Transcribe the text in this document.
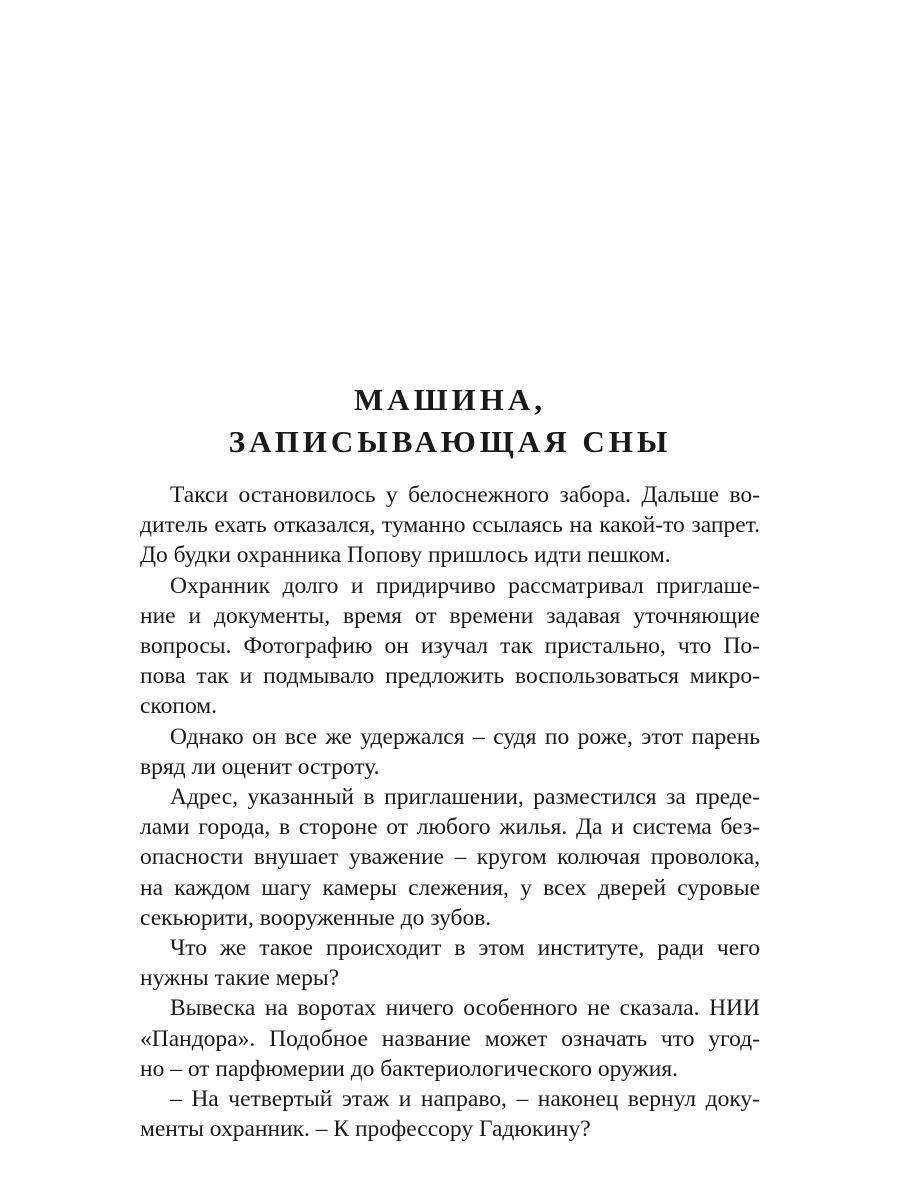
МАШИНА,
ЗАПИСЫВАЮЩАЯ СНЫ
Такси остановилось у белоснежного забора. Дальше во-
дитель ехать отказался, туманно ссылаясь на какой-то запрет.
До будки охранника Попову пришлось идти пешком.
Охранник долго и придирчиво рассматривал приглаше-
ние и документы, время от времени задавая уточняющие
вопросы. Фотографию он изучал так пристально, что По-
пова так и подмывало предложить воспользоваться микро-
скопом.
Однако он все же удержался – судя по роже, этот парень
вряд ли оценит остроту.
Адрес, указанный в приглашении, разместился за преде-
лами города, в стороне от любого жилья. Да и система без-
опасности внушает уважение – кругом колючая проволока,
на каждом шагу камеры слежения, у всех дверей суровые
секьюрити, вооруженные до зубов.
Что же такое происходит в этом институте, ради чего
нужны такие меры?
Вывеска на воротах ничего особенного не сказала. НИИ
«Пандора». Подобное название может означать что угод-
но – от парфюмерии до бактериологического оружия.
– На четвертый этаж и направо, – наконец вернул доку-
менты охранник. – К профессору Гадюкину?
